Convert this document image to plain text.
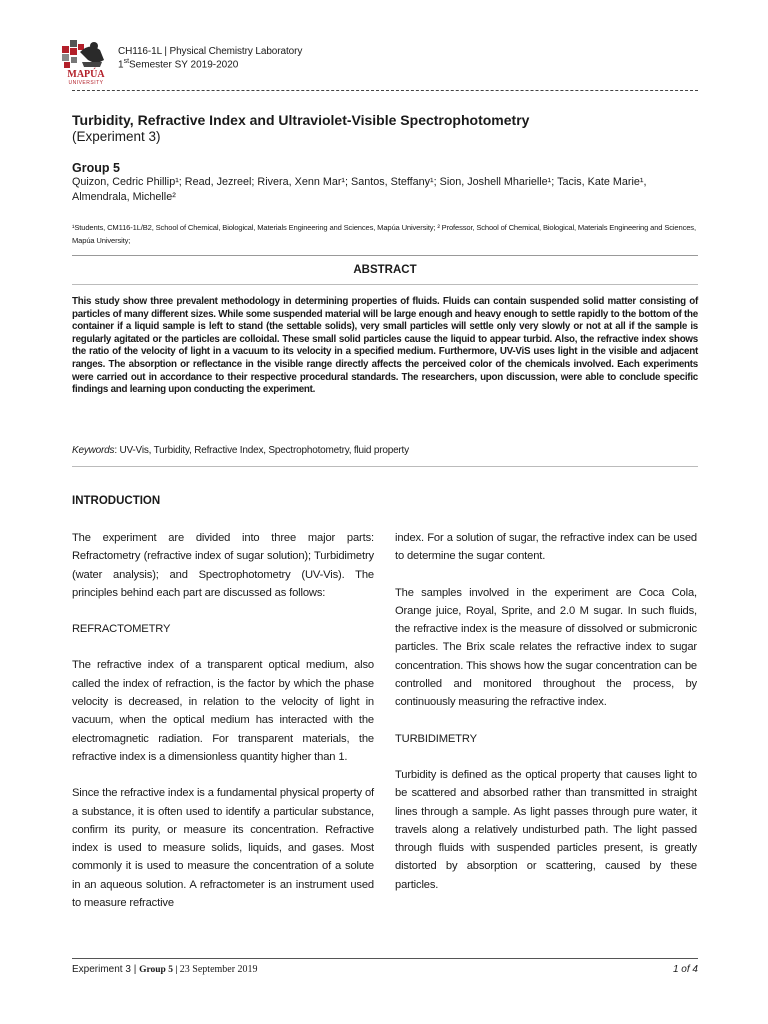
MAPÚA
UNIVERSITY
CH116-1L | Physical Chemistry Laboratory
1stSemester SY 2019-2020
Turbidity, Refractive Index and Ultraviolet-Visible Spectrophotometry
(Experiment 3)
Group 5
Quizon, Cedric Phillip¹; Read, Jezreel; Rivera, Xenn Mar¹; Santos, Steffany¹; Sion, Joshell Mharielle¹; Tacis, Kate Marie¹, Almendrala, Michelle²
¹Students, CM116-1L/B2, School of Chemical, Biological, Materials Engineering and Sciences, Mapúa University; ² Professor, School of Chemical, Biological, Materials Engineering and Sciences, Mapúa University;
ABSTRACT
This study show three prevalent methodology in determining properties of fluids. Fluids can contain suspended solid matter consisting of particles of many different sizes. While some suspended material will be large enough and heavy enough to settle rapidly to the bottom of the container if a liquid sample is left to stand (the settable solids), very small particles will settle only very slowly or not at all if the sample is regularly agitated or the particles are colloidal. These small solid particles cause the liquid to appear turbid. Also, the refractive index shows the ratio of the velocity of light in a vacuum to its velocity in a specified medium. Furthermore, UV-ViS uses light in the visible and adjacent ranges. The absorption or reflectance in the visible range directly affects the perceived color of the chemicals involved. Each experiments were carried out in accordance to their respective procedural standards. The researchers, upon discussion, were able to conclude specific findings and learning upon conducting the experiment.
Keywords: UV-Vis, Turbidity, Refractive Index, Spectrophotometry, fluid property
INTRODUCTION

The experiment are divided into three major parts: Refractometry (refractive index of sugar solution); Turbidimetry (water analysis); and Spectrophotometry (UV-Vis). The principles behind each part are discussed as follows:

REFRACTOMETRY

The refractive index of a transparent optical medium, also called the index of refraction, is the factor by which the phase velocity is decreased, in relation to the velocity of light in vacuum, when the optical medium has interacted with the electromagnetic radiation. For transparent materials, the refractive index is a dimensionless quantity higher than 1.

Since the refractive index is a fundamental physical property of a substance, it is often used to identify a particular substance, confirm its purity, or measure its concentration. Refractive index is used to measure solids, liquids, and gases. Most commonly it is used to measure the concentration of a solute in an aqueous solution. A refractometer is an instrument used to measure refractive

index. For a solution of sugar, the refractive index can be used to determine the sugar content.

The samples involved in the experiment are Coca Cola, Orange juice, Royal, Sprite, and 2.0 M sugar. In such fluids, the refractive index is the measure of dissolved or submicronic particles. The Brix scale relates the refractive index to sugar concentration. This shows how the sugar concentration can be controlled and monitored throughout the process, by continuously measuring the refractive index.

TURBIDIMETRY

Turbidity is defined as the optical property that causes light to be scattered and absorbed rather than transmitted in straight lines through a sample. As light passes through pure water, it travels along a relatively undisturbed path. The light passed through fluids with suspended particles present, is greatly distorted by absorption or scattering, caused by these particles.

Experiment 3 | Group 5 | 23 September 2019	1 of 4
